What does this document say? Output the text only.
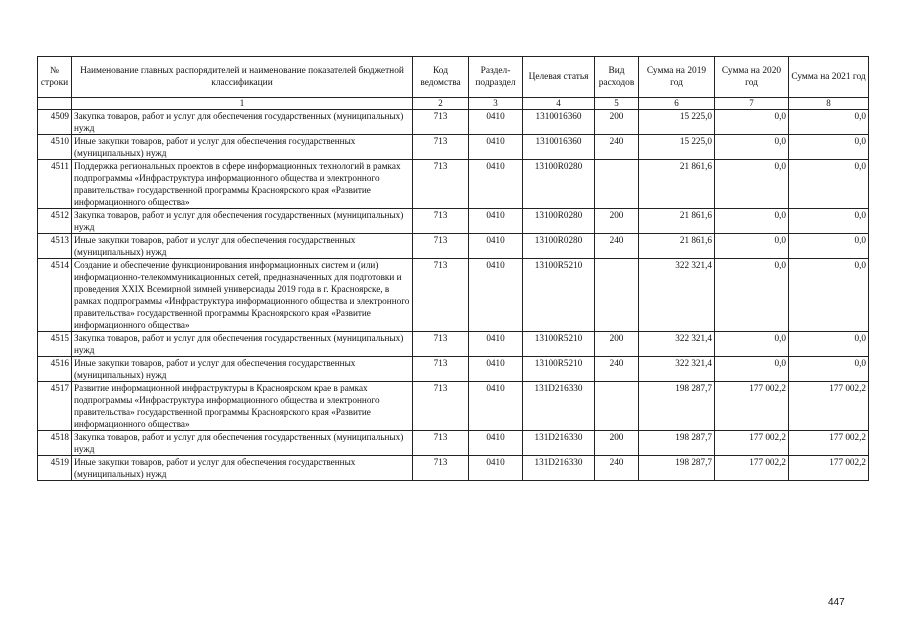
№ строки	Наименование главных распорядителей и наименование показателей бюджетной классификации	Код ведомства	Раздел-подраздел	Целевая статья	Вид расходов	Сумма на 2019 год	Сумма на 2020 год	Сумма на 2021 год
	1	2	3	4	5	6	7	8
4509	Закупка товаров, работ и услуг для обеспечения государственных (муниципальных) нужд	713	0410	1310016360	200	15 225,0	0,0	0,0
4510	Иные закупки товаров, работ и услуг для обеспечения государственных (муниципальных) нужд	713	0410	1310016360	240	15 225,0	0,0	0,0
4511	Поддержка региональных проектов в сфере информационных технологий в рамках подпрограммы «Инфраструктура информационного общества и электронного правительства» государственной программы Красноярского края «Развитие информационного общества»	713	0410	13100R0280		21 861,6	0,0	0,0
4512	Закупка товаров, работ и услуг для обеспечения государственных (муниципальных) нужд	713	0410	13100R0280	200	21 861,6	0,0	0,0
4513	Иные закупки товаров, работ и услуг для обеспечения государственных (муниципальных) нужд	713	0410	13100R0280	240	21 861,6	0,0	0,0
4514	Создание и обеспечение функционирования информационных систем и (или) информационно-телекоммуникационных сетей, предназначенных для подготовки и проведения XXIX Всемирной зимней универсиады 2019 года в г. Красноярске, в рамках подпрограммы «Инфраструктура информационного общества и электронного правительства» государственной программы Красноярского края «Развитие информационного общества»	713	0410	13100R5210		322 321,4	0,0	0,0
4515	Закупка товаров, работ и услуг для обеспечения государственных (муниципальных) нужд	713	0410	13100R5210	200	322 321,4	0,0	0,0
4516	Иные закупки товаров, работ и услуг для обеспечения государственных (муниципальных) нужд	713	0410	13100R5210	240	322 321,4	0,0	0,0
4517	Развитие информационной инфраструктуры в Красноярском крае в рамках подпрограммы «Инфраструктура информационного общества и электронного правительства» государственной программы Красноярского края «Развитие информационного общества»	713	0410	131D216330		198 287,7	177 002,2	177 002,2
4518	Закупка товаров, работ и услуг для обеспечения государственных (муниципальных) нужд	713	0410	131D216330	200	198 287,7	177 002,2	177 002,2
4519	Иные закупки товаров, работ и услуг для обеспечения государственных (муниципальных) нужд	713	0410	131D216330	240	198 287,7	177 002,2	177 002,2
447
